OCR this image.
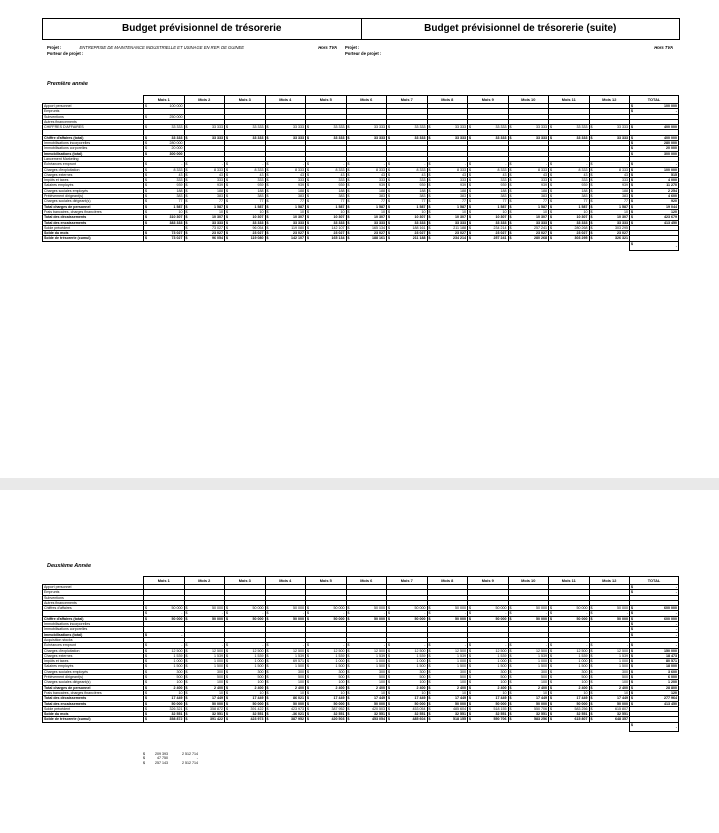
Budget prévisionnel de trésorerie	Budget prévisionnel de trésorerie (suite)
Projet :	ENTREPRISE DE MAINTENANCE INDUSTRIELLE ET USINAGE EN REP. DE GUINEE
Porteur de projet :
Hors TVA Projet :
Porteur de projet :
Hors TVA
Première année
	Mois 1	Mois 2	Mois 3	Mois 4	Mois 5	Mois 6	Mois 7	Mois 8	Mois 9	Mois 10	Mois 11	Mois 12	TOTAL
Apport personnel	$ 100 000												$ 100 000
Emprunts													$ -
Subventions	$ 250 000												
Autres financements													
CHIFFRES D'AFFAIRES	$ 33 333	$ 33 333	$ 33 333	$ 33 333	$ 33 333	$ 33 333	$ 33 333	$ 33 333	$ 33 333	$ 33 333	$ 33 333	$ 33 333	$ 400 000

Chiffre d'affaires (total)	$ 33 333	$ 33 333	$ 33 333	$ 33 333	$ 33 333	$ 33 333	$ 33 333	$ 33 333	$ 33 333	$ 33 333	$ 33 333	$ 33 333	$ 400 000
Immobilisations incorporelles	$ 280 000												$ 280 000
Immobilisations corporelles	$ 20 000												$ 20 000
Immobilisations (total)	$ 300 000												$ 300 000
Lancement Marketing													
Échéances emprunt	$ -	$ -	$ -	$ -	$ -	$ -	$ -	$ -	$ -	$ -	$ -	$ -	$ -
Charges d'exploitation	$ 8 333	$ 8 333	$ 8 333	$ 8 333	$ 8 333	$ 8 333	$ 8 333	$ 8 333	$ 8 333	$ 8 333	$ 8 333	$ 8 333	$ 100 000
Charges externes	$ 43	$ 43	$ 43	$ 43	$ 43	$ 43	$ 43	$ 43	$ 43	$ 43	$ 43	$ 43	$ 515
Impôts et taxes	$ 333	$ 333	$ 333	$ 333	$ 333	$ 333	$ 333	$ 333	$ 333	$ 333	$ 333	$ 333	$ 4 000
Salaires employés	$ 939	$ 939	$ 939	$ 939	$ 939	$ 939	$ 939	$ 939	$ 939	$ 939	$ 939	$ 939	$ 11 270
Charges sociales employés	$ 188	$ 188	$ 188	$ 188	$ 188	$ 188	$ 188	$ 188	$ 188	$ 188	$ 188	$ 188	$ 2 254
Prélèvement dirigeant(s)	$ 383	$ 383	$ 383	$ 383	$ 383	$ 383	$ 383	$ 383	$ 383	$ 383	$ 383	$ 383	$ 4 600
Charges sociales dirigeant(s)	$ 77	$ 77	$ 77	$ 77	$ 77	$ 77	$ 77	$ 77	$ 77	$ 77	$ 77	$ 77	$ 920
Total charges de personnel	$ 1 587	$ 1 587	$ 1 587	$ 1 587	$ 1 587	$ 1 587	$ 1 587	$ 1 587	$ 1 587	$ 1 587	$ 1 587	$ 1 587	$ 19 044
Frais bancaires, charges financières	$ 10	$ 10	$ 10	$ 10	$ 10	$ 10	$ 10	$ 10	$ 10	$ 10	$ 10	$ 10	$ 120
Total des décaissements	$ 310 307	$ 10 307	$ 10 307	$ 10 307	$ 10 307	$ 10 307	$ 10 307	$ 10 307	$ 10 307	$ 10 307	$ 10 307	$ 10 307	$ 423 679
Total des encaissements	$ 383 333	$ 33 333	$ 33 333	$ 33 333	$ 33 333	$ 33 333	$ 33 333	$ 33 333	$ 33 333	$ 33 333	$ 33 333	$ 33 333	$ 413 450
Solde précédent		$ 73 027	$ 96 054	$ 119 080	$ 142 107	$ 165 134	$ 188 161	$ 211 188	$ 234 214	$ 257 241	$ 280 268	$ 303 295	
Solde du mois	$ 73 027	$ 23 027	$ 23 027	$ 23 027	$ 23 027	$ 23 027	$ 23 027	$ 23 027	$ 23 027	$ 23 027	$ 23 027	$ 23 027	
Solde de trésorerie (cumul)	$ 73 027	$ 96 054	$ 119 080	$ 142 107	$ 165 134	$ 188 161	$ 211 188	$ 234 214	$ 257 241	$ 280 268	$ 303 295	$ 326 321	
													$ -
Deuxième Année
	Mois 1	Mois 2	Mois 3	Mois 4	Mois 5	Mois 6	Mois 7	Mois 8	Mois 9	Mois 10	Mois 11	Mois 12	TOTAL
Apport personnel													$ -
Emprunts													$ -
Subventions													
Autres financements													
Chiffres d'affaires	$ 50 000	$ 50 000	$ 50 000	$ 50 000	$ 50 000	$ 50 000	$ 50 000	$ 50 000	$ 50 000	$ 50 000	$ 50 000	$ 50 000	$ 600 000
	$ -	$ -	$ -	$ -	$ -	$ -	$ -	$ -	$ -	$ -	$ -	$ -	$ -
Chiffre d'affaires (total)	$ 50 000	$ 50 000	$ 50 000	$ 50 000	$ 50 000	$ 50 000	$ 50 000	$ 50 000	$ 50 000	$ 50 000	$ 50 000	$ 50 000	$ 600 000
Immobilisations incorporelles													$ -
Immobilisations corporelles													$ -
Immobilisations (total)	$ -												$ -
Acquisition stocks													
Échéances emprunt	$ -	$ -	$ -	$ -	$ -	$ -	$ -	$ -	$ -	$ -	$ -	$ -	$ -
Charges d'exploitation	$ 12 500	$ 12 500	$ 12 500	$ 12 500	$ 12 500	$ 12 500	$ 12 500	$ 12 500	$ 12 500	$ 12 500	$ 12 500	$ 12 500	$ 150 000
Charges externes	$ 1 539	$ 1 539	$ 1 539	$ 1 539	$ 1 539	$ 1 539	$ 1 539	$ 1 539	$ 1 539	$ 1 539	$ 1 539	$ 1 539	$ 18 473
Impôts et taxes	$ 1 000	$ 1 000	$ 1 000	$ 69 571	$ 1 000	$ 1 000	$ 1 000	$ 1 000	$ 1 000	$ 1 000	$ 1 000	$ 1 000	$ 80 571
Salaires employés	$ 1 500	$ 1 500	$ 1 500	$ 1 500	$ 1 500	$ 1 500	$ 1 500	$ 1 500	$ 1 500	$ 1 500	$ 1 500	$ 1 500	$ 18 000
Charges sociales employés	$ 300	$ 300	$ 300	$ 300	$ 300	$ 300	$ 300	$ 300	$ 300	$ 300	$ 300	$ 300	$ 3 600
Prélèvement dirigeant(s)	$ 500	$ 500	$ 500	$ 500	$ 500	$ 500	$ 500	$ 500	$ 500	$ 500	$ 500	$ 500	$ 6 000
Charges sociales dirigeant(s)	$ 100	$ 100	$ 100	$ 100	$ 100	$ 100	$ 100	$ 100	$ 100	$ 100	$ 100	$ 100	$ 1 200
Total charges de personnel	$ 2 400	$ 2 400	$ 2 400	$ 2 400	$ 2 400	$ 2 400	$ 2 400	$ 2 400	$ 2 400	$ 2 400	$ 2 400	$ 2 400	$ 28 800
Frais bancaires, charges financières	$ 10	$ 10	$ 10	$ 10	$ 10	$ 10	$ 10	$ 10	$ 10	$ 10	$ 10	$ 10	$ 120
Total des décaissements	$ 17 449	$ 17 449	$ 17 449	$ 86 021	$ 17 449	$ 17 449	$ 17 449	$ 17 449	$ 17 449	$ 17 449	$ 17 449	$ 17 449	$ 277 964
Total des encaissements	$ 50 000	$ 50 000	$ 50 000	$ 50 000	$ 50 000	$ 50 000	$ 50 000	$ 50 000	$ 50 000	$ 50 000	$ 50 000	$ 50 000	$ 413 450
Solde précédent	$ 326 321	$ 358 872	$ 391 422	$ 423 973	$ 387 952	$ 420 503	$ 453 054	$ 485 604	$ 518 155	$ 550 706	$ 583 256	$ 615 807	
Solde du mois	$ 32 551	$ 32 551	$ 32 551	$ -36 021	$ 32 551	$ 32 551	$ 32 551	$ 32 551	$ 32 551	$ 32 551	$ 32 551	$ 32 551	
Solde de trésorerie (cumul)	$ 358 872	$ 391 422	$ 423 973	$ 387 952	$ 420 503	$ 453 054	$ 485 604	$ 518 155	$ 550 706	$ 583 256	$ 615 807	$ 648 357	
													$ -
$	209 393	2 512 714
$	47 750	-
$	257 143	2 512 714
